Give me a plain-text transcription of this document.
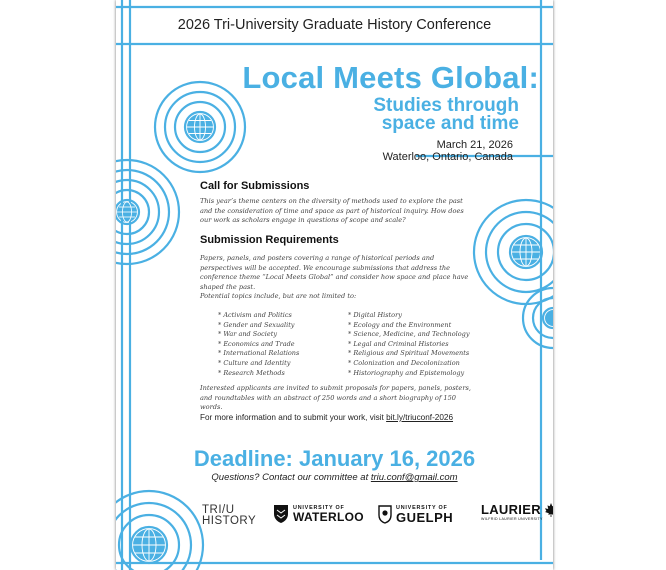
2026 Tri-University Graduate History Conference
Local Meets Global:
Studies through space and time
March 21, 2026
Waterloo, Ontario, Canada
Call for Submissions
This year’s theme centers on the diversity of methods used to explore the past and the consideration of time and space as part of historical inquiry. How does our work as scholars engage in questions of scope and scale?
Submission Requirements
Papers, panels, and posters covering a range of historical periods and perspectives will be accepted. We encourage submissions that address the conference theme “Local Meets Global” and consider how space and place have shaped the past.
Potential topics include, but are not limited to:
* Activism and Politics
* Gender and Sexuality
* War and Society
* Economics and Trade
* International Relations
* Culture and Identity
* Research Methods
* Digital History
* Ecology and the Environment
* Science, Medicine, and Technology
* Legal and Criminal Histories
* Religious and Spiritual Movements
* Colonization and Decolonization
* Historiography and Epistemology
Interested applicants are invited to submit proposals for papers, panels, posters, and roundtables with an abstract of 250 words and a short biography of 150 words.
For more information and to submit your work, visit bit.ly/triuconf-2026
Deadline: January 16, 2026
Questions? Contact our committee at triu.conf@gmail.com
TRI/U
HISTORY
UNIVERSITY OF
WATERLOO
UNIVERSITY OF
GUELPH LAURIER
WILFRID LAURIER UNIVERSITY
